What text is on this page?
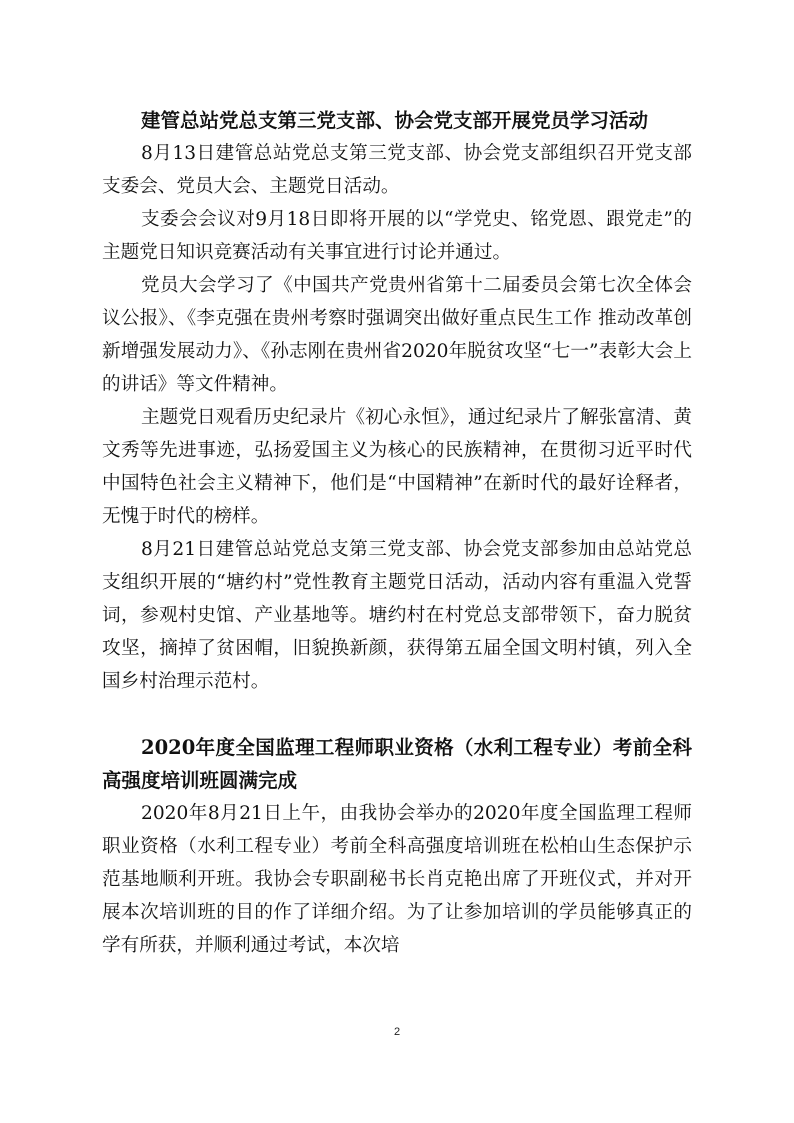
建管总站党总支第三党支部、协会党支部开展党员学习活动

8月13日建管总站党总支第三党支部、协会党支部组织召开党支部支委会、党员大会、主题党日活动。

支委会会议对9月18日即将开展的以“学党史、铭党恩、跟党走”的主题党日知识竞赛活动有关事宜进行讨论并通过。

党员大会学习了《中国共产党贵州省第十二届委员会第七次全体会议公报》、《李克强在贵州考察时强调突出做好重点民生工作 推动改革创新增强发展动力》、《孙志刚在贵州省2020年脱贫攻坚“七一”表彰大会上的讲话》等文件精神。

主题党日观看历史纪录片《初心永恒》，通过纪录片了解张富清、黄文秀等先进事迹，弘扬爱国主义为核心的民族精神，在贯彻习近平时代中国特色社会主义精神下，他们是“中国精神”在新时代的最好诠释者，无愧于时代的榜样。

8月21日建管总站党总支第三党支部、协会党支部参加由总站党总支组织开展的“塘约村”党性教育主题党日活动，活动内容有重温入党誓词，参观村史馆、产业基地等。塘约村在村党总支部带领下，奋力脱贫攻坚，摘掉了贫困帽，旧貌换新颜，获得第五届全国文明村镇，列入全国乡村治理示范村。

2020年度全国监理工程师职业资格（水利工程专业）考前全科高强度培训班圆满完成

2020年8月21日上午，由我协会举办的2020年度全国监理工程师职业资格（水利工程专业）考前全科高强度培训班在松柏山生态保护示范基地顺利开班。我协会专职副秘书长肖克艳出席了开班仪式，并对开展本次培训班的目的作了详细介绍。为了让参加培训的学员能够真正的学有所获，并顺利通过考试，本次培

2
